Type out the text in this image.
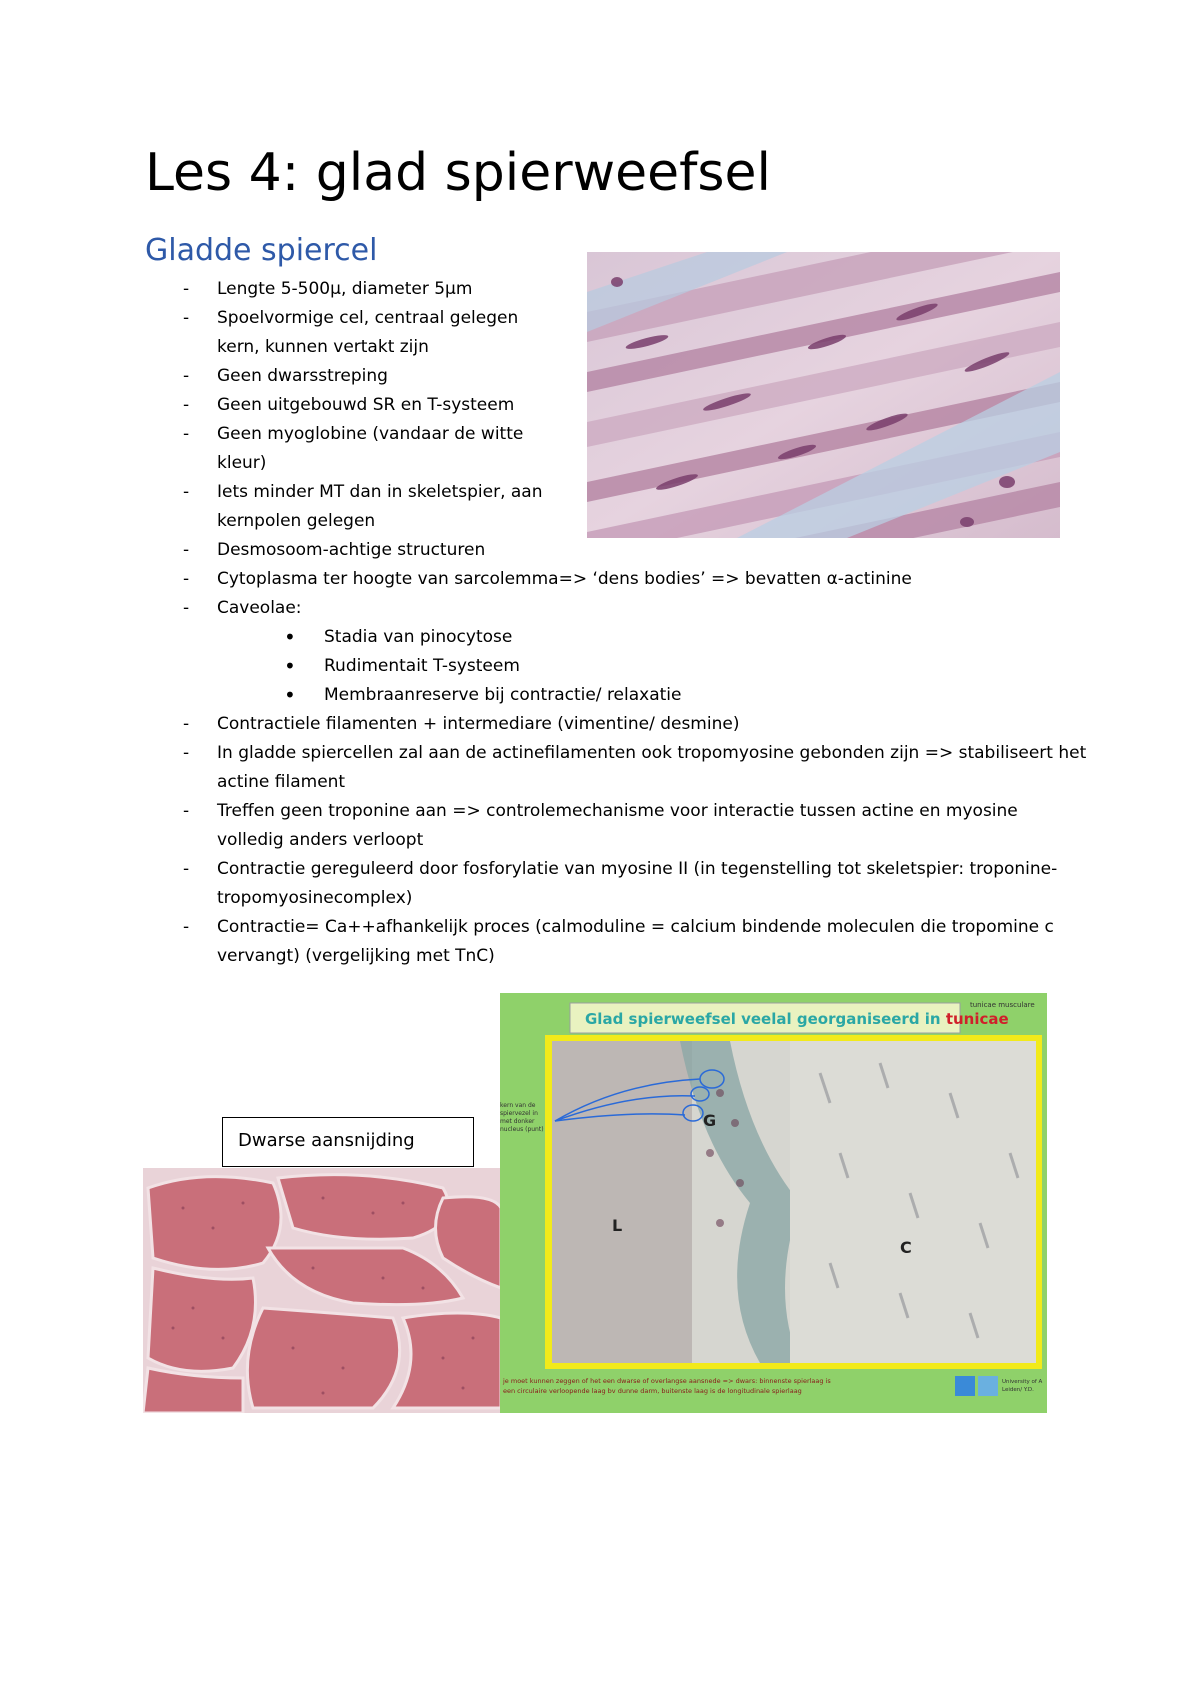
Les 4: glad spierweefsel
Gladde spiercel
- Lengte 5-500µ, diameter 5µm
- Spoelvormige cel, centraal gelegen kern, kunnen vertakt zijn
- Geen dwarsstreping
- Geen uitgebouwd SR en T-systeem
- Geen myoglobine (vandaar de witte kleur)
- Iets minder MT dan in skeletspier, aan kernpolen gelegen
- Desmosoom-achtige structuren
- Cytoplasma ter hoogte van sarcolemma=> ‘dens bodies’ => bevatten α-actinine
- Caveolae:
• Stadia van pinocytose
• Rudimentait T-systeem
• Membraanreserve bij contractie/ relaxatie
- Contractiele filamenten + intermediare (vimentine/ desmine)
- In gladde spiercellen zal aan de actinefilamenten ook tropomyosine gebonden zijn => stabiliseert het actine filament
- Treffen geen troponine aan => controlemechanisme voor interactie tussen actine en myosine volledig anders verloopt
- Contractie gereguleerd door fosforylatie van myosine II (in tegenstelling tot skeletspier: troponine-tropomyosinecomplex)
- Contractie= Ca++afhankelijk proces (calmoduline = calcium bindende moleculen die tropomine c vervangt) (vergelijking met TnC)
Dwarse aansnijding
Glad spierweefsel veelal georganiseerd in tunicae
tunicae musculare
L
G
C
kern van de
spiervezel in
met donker
nucleus (punt)
je moet kunnen zeggen of het een dwarse of overlangse aansnede => dwars: binnenste spierlaag is
een circulaire verloopende laag bv dunne darm, buitenste laag is de longitudinale spierlaag
University of A
Leiden/ Y.D.
